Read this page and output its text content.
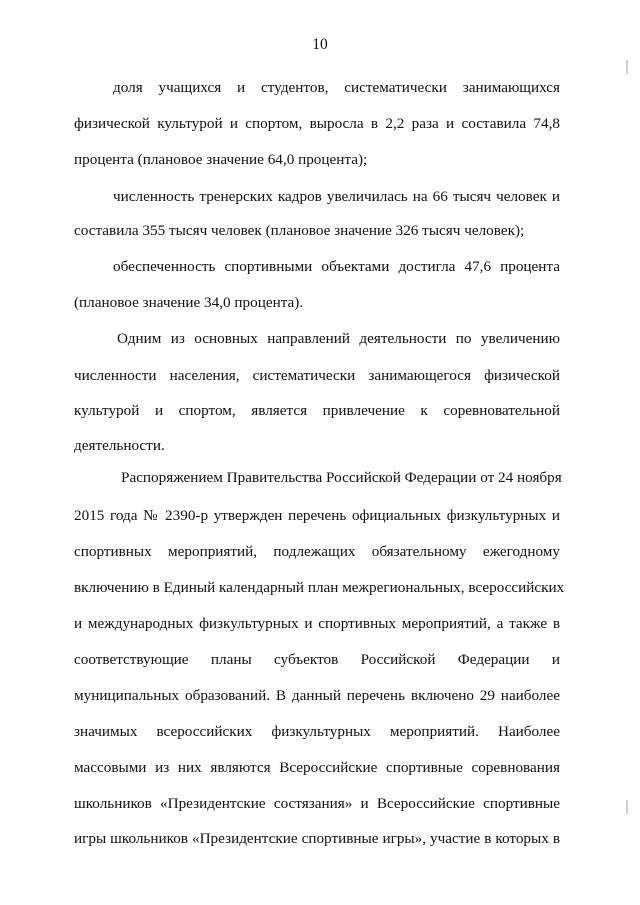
10
доля учащихся и студентов, систематически занимающихся
физической культурой и спортом, выросла в 2,2 раза и составила 74,8
процента (плановое значение 64,0 процента);
численность тренерских кадров увеличилась на 66 тысяч человек и
составила 355 тысяч человек (плановое значение 326 тысяч человек);
обеспеченность спортивными объектами достигла 47,6 процента
(плановое значение 34,0 процента).
Одним из основных направлений деятельности по увеличению
численности населения, систематически занимающегося физической
культурой и спортом, является привлечение к соревновательной
деятельности.
Распоряжением Правительства Российской Федерации от 24 ноября
2015 года № 2390-р утвержден перечень официальных физкультурных и
спортивных мероприятий, подлежащих обязательному ежегодному
включению в Единый календарный план межрегиональных, всероссийских
и международных физкультурных и спортивных мероприятий, а также в
соответствующие планы субъектов Российской Федерации и
муниципальных образований. В данный перечень включено 29 наиболее
значимых всероссийских физкультурных мероприятий. Наиболее
массовыми из них являются Всероссийские спортивные соревнования
школьников «Президентские состязания» и Всероссийские спортивные
игры школьников «Президентские спортивные игры», участие в которых в
